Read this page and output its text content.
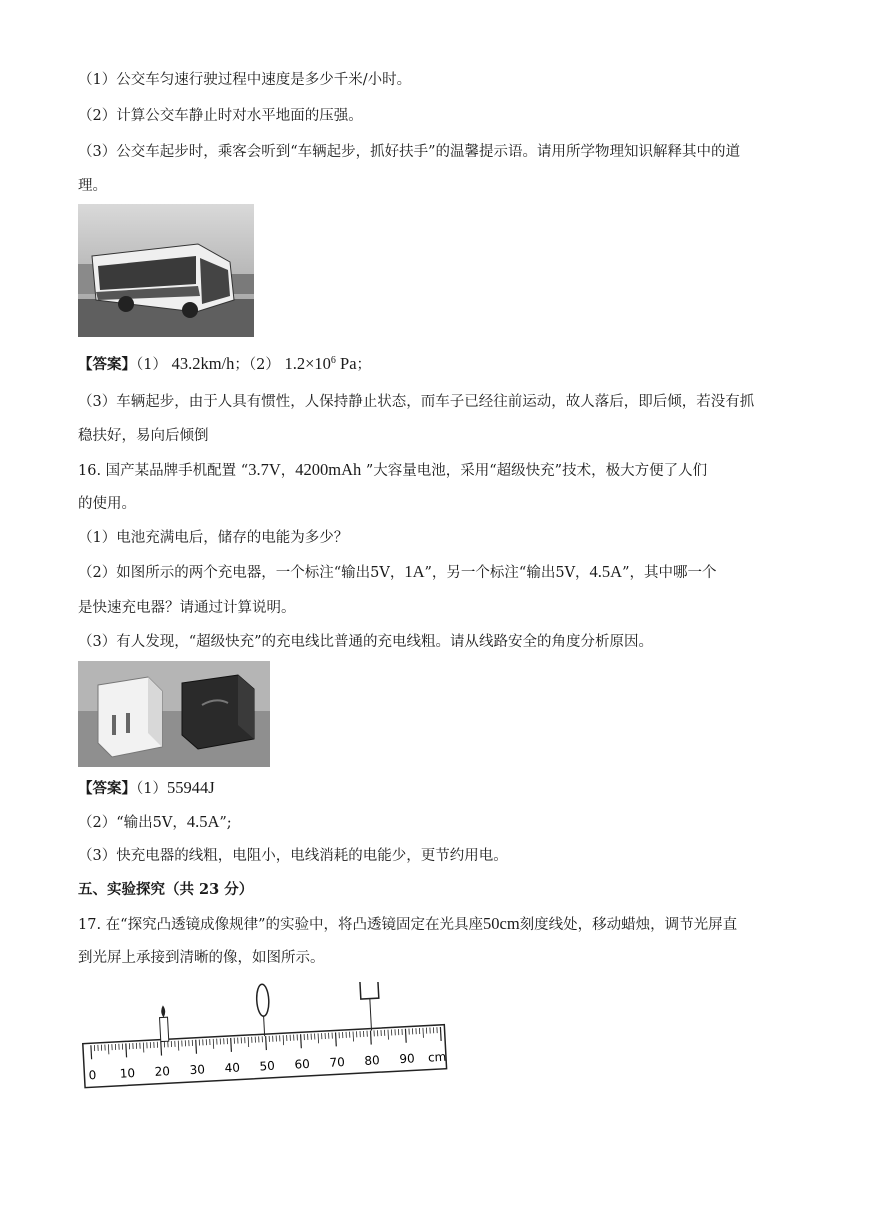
（1）公交车匀速行驶过程中速度是多少千米/小时。
（2）计算公交车静止时对水平地面的压强。
（3）公交车起步时，乘客会听到“车辆起步，抓好扶手”的温馨提示语。请用所学物理知识解释其中的道
理。
【答案】（1） 43.2km/h；（2） $1.2\times 10^6$ Pa；
（3）车辆起步，由于人具有惯性，人保持静止状态，而车子已经往前运动，故人落后，即后倾，若没有抓
稳扶好，易向后倾倒
16. 国产某品牌手机配置 “3.7V，4200mAh ”大容量电池，采用“超级快充”技术，极大方便了人们
的使用。
（1）电池充满电后，储存的电能为多少？
（2）如图所示的两个充电器，一个标注“输出5V，1A”，另一个标注“输出5V，4.5A”，其中哪一个
是快速充电器？请通过计算说明。
（3）有人发现，“超级快充”的充电线比普通的充电线粗。请从线路安全的角度分析原因。
【答案】（1）55944J
（2）“输出5V，4.5A”;
（3）快充电器的线粗，电阻小，电线消耗的电能少，更节约用电。
五、实验探究（共 23 分）
17. 在“探究凸透镜成像规律”的实验中，将凸透镜固定在光具座50cm刻度线处，移动蜡烛，调节光屏直
到光屏上承接到清晰的像，如图所示。
0 10 20 30 40 50 60 70 80 90 cm
